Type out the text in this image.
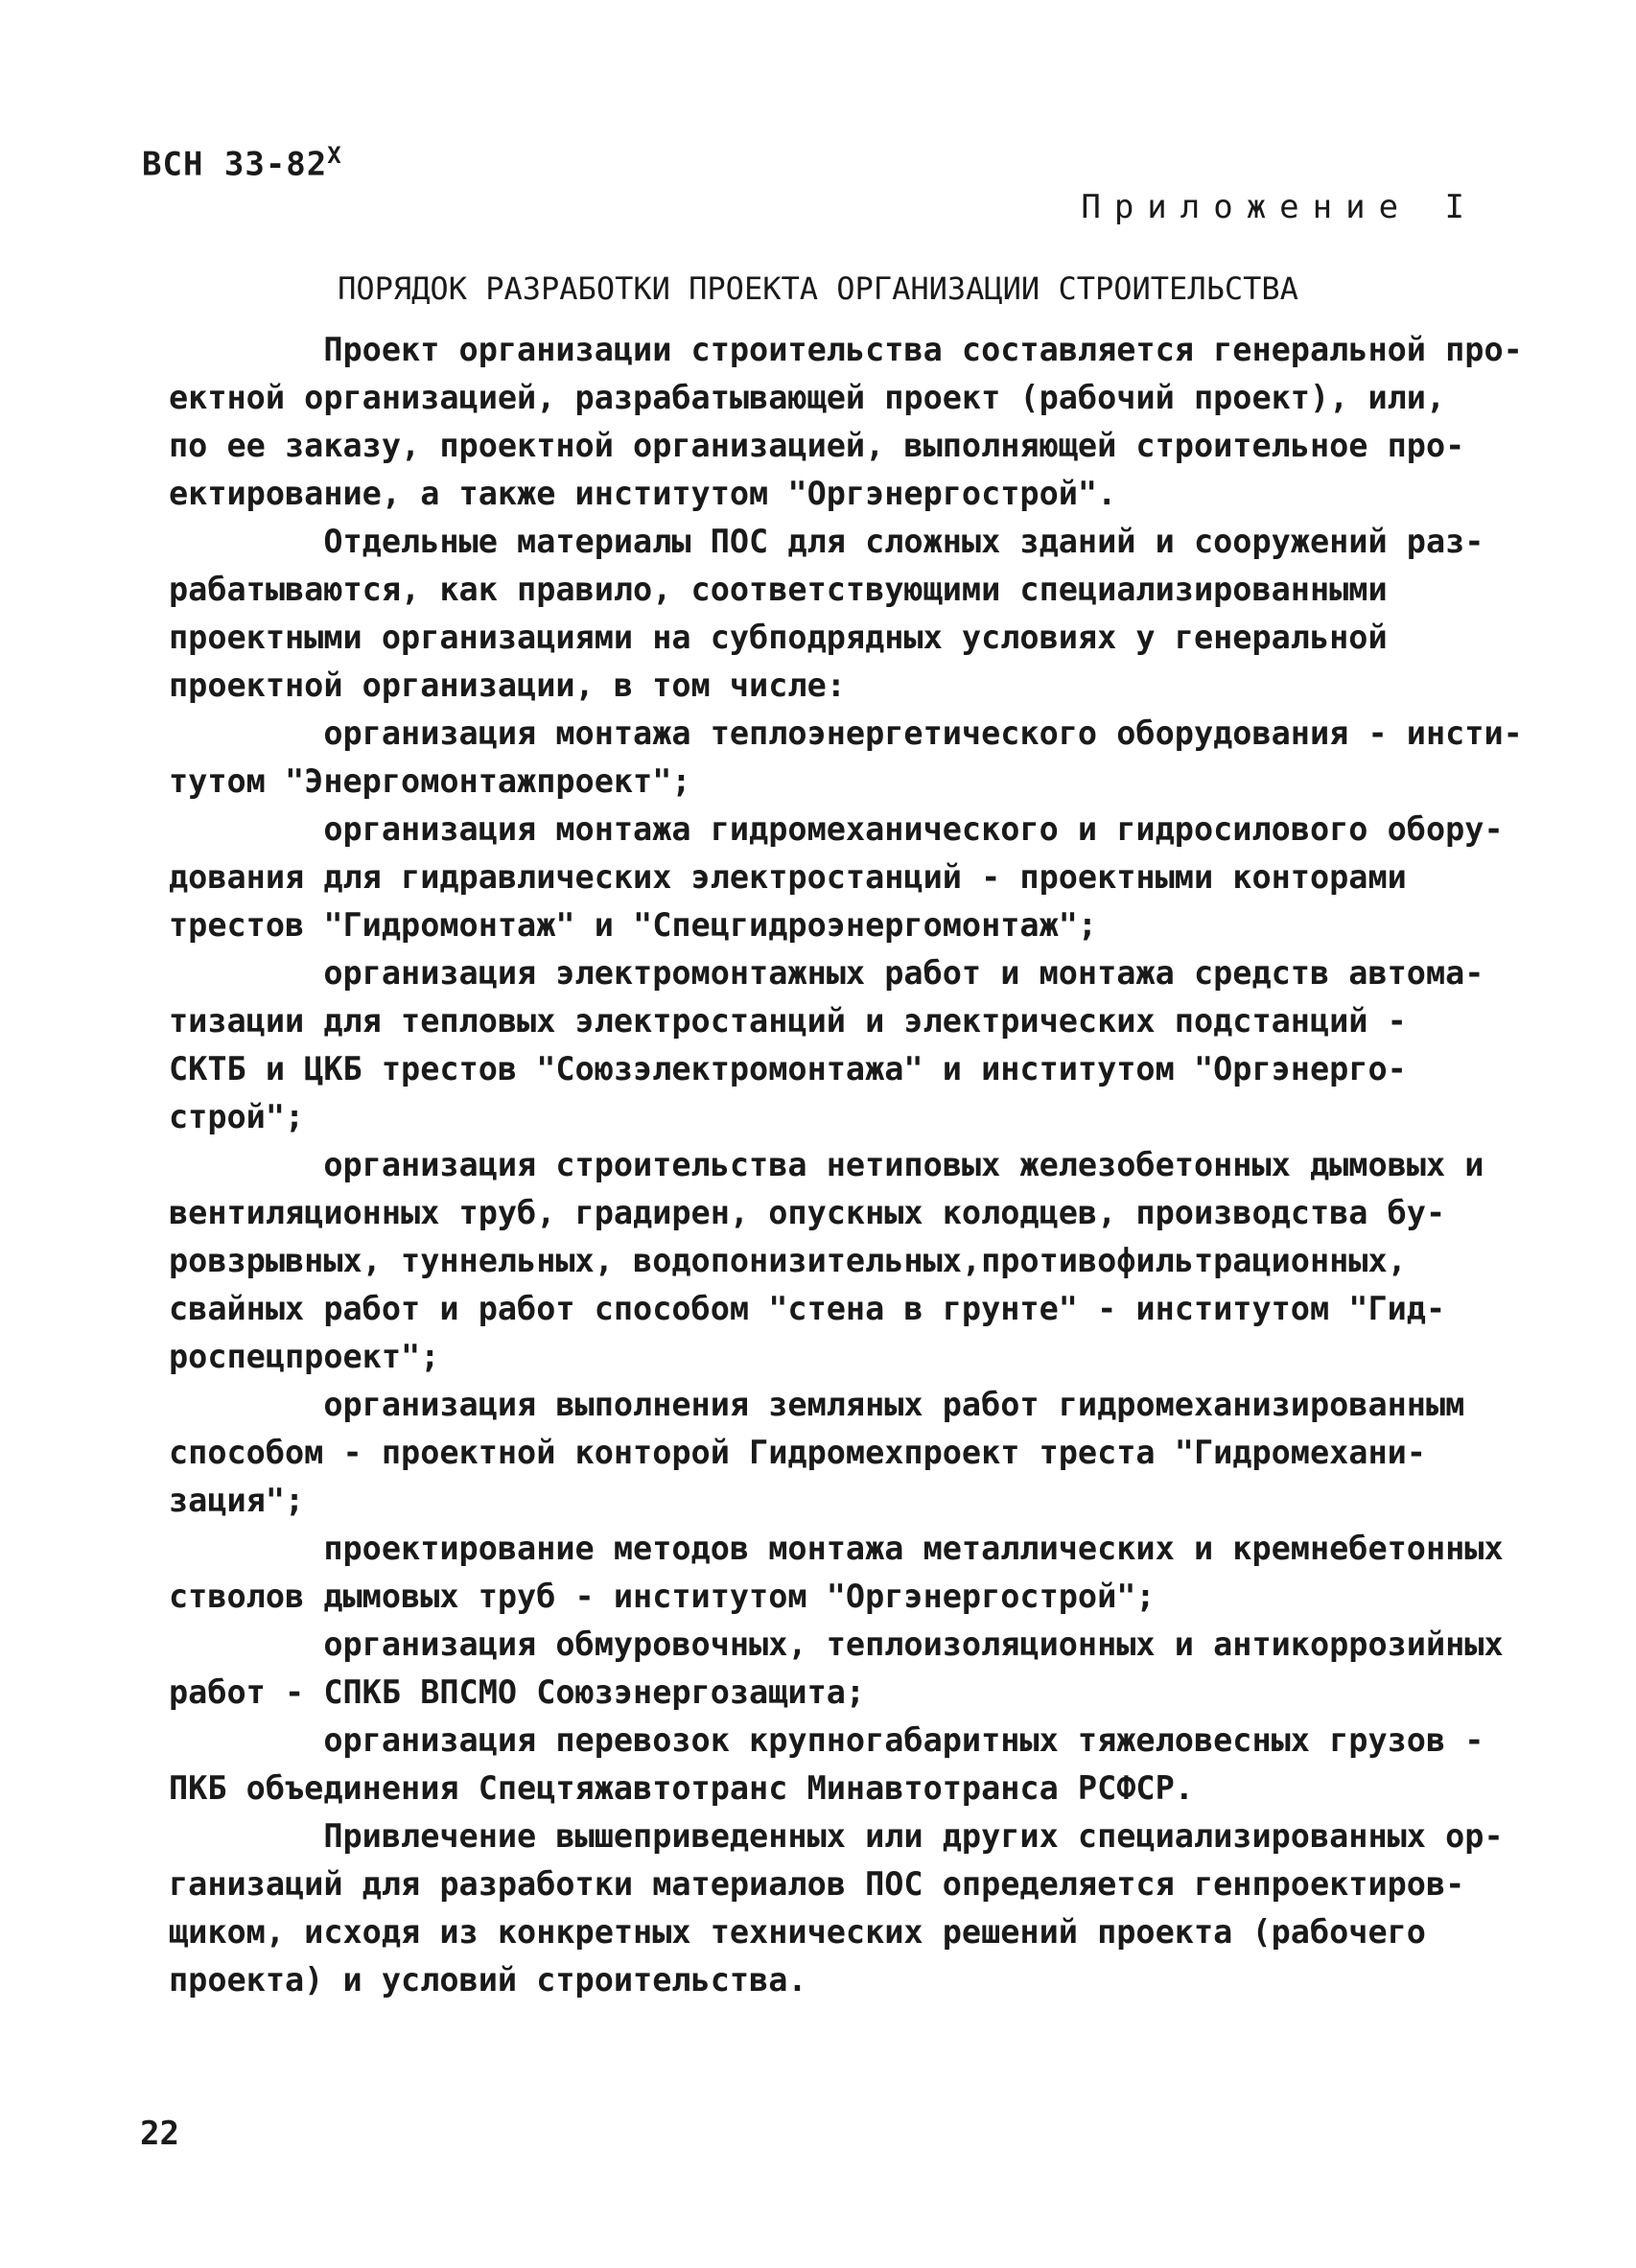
ВСН $33-82^Х$
Приложение I
ПОРЯДОК РАЗРАБОТКИ ПРОЕКТА ОРГАНИЗАЦИИ СТРОИТЕЛЬСТВА
Проект организации строительства составляется генеральной про-
ектной организацией, разрабатывающей проект (рабочий проект), или,
по ее заказу, проектной организацией, выполняющей строительное про-
ектирование, а также институтом "Оргэнергострой".
Отдельные материалы ПОС для сложных зданий и сооружений раз-
рабатываются, как правило, соответствующими специализированными
проектными организациями на субподрядных условиях у генеральной
проектной организации, в том числе:
организация монтажа теплоэнергетического оборудования - инсти-
тутом "Энергомонтажпроект";
организация монтажа гидромеханического и гидросилового обору-
дования для гидравлических электростанций - проектными конторами
трестов "Гидромонтаж" и "Спецгидроэнергомонтаж";
организация электромонтажных работ и монтажа средств автома-
тизации для тепловых электростанций и электрических подстанций -
СКТБ и ЦКБ трестов "Союзэлектромонтажа" и институтом "Оргэнерго-
строй";
организация строительства нетиповых железобетонных дымовых и
вентиляционных труб, градирен, опускных колодцев, производства бу-
ровзрывных, туннельных, водопонизительных,противофильтрационных,
свайных работ и работ способом "стена в грунте" - институтом "Гид-
роспецпроект";
организация выполнения земляных работ гидромеханизированным
способом - проектной конторой Гидромехпроект треста "Гидромехани-
зация";
проектирование методов монтажа металлических и кремнебетонных
стволов дымовых труб - институтом "Оргэнергострой";
организация обмуровочных, теплоизоляционных и антикоррозийных
работ - СПКБ ВПСМО Союзэнергозащита;
организация перевозок крупногабаритных тяжеловесных грузов -
ПКБ объединения Спецтяжавтотранс Минавтотранса РСФСР.
Привлечение вышеприведенных или других специализированных ор-
ганизаций для разработки материалов ПОС определяется генпроектиров-
щиком, исходя из конкретных технических решений проекта (рабочего
проекта) и условий строительства.
22
